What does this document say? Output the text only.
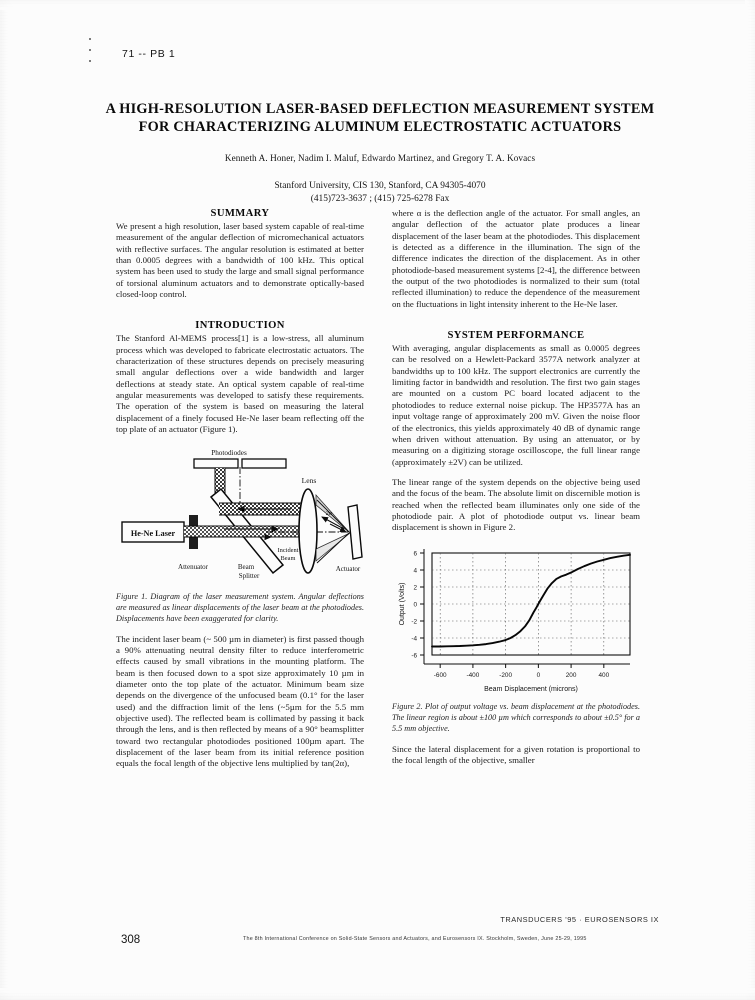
71 -- PB 1
A HIGH-RESOLUTION LASER-BASED DEFLECTION MEASUREMENT SYSTEM
FOR CHARACTERIZING ALUMINUM ELECTROSTATIC ACTUATORS
Kenneth A. Honer, Nadim I. Maluf, Edwardo Martinez, and Gregory T. A. Kovacs
Stanford University, CIS 130, Stanford, CA 94305-4070
(415)723-3637 ; (415) 725-6278 Fax
SUMMARY

We present a high resolution, laser based system capable of real-time measurement of the angular deflection of micromechanical actuators with reflective surfaces. The angular resolution is estimated at better than 0.0005 degrees with a bandwidth of 100 kHz. This optical system has been used to study the large and small signal performance of torsional aluminum actuators and to demonstrate optically-based closed-loop control.

INTRODUCTION

The Stanford Al-MEMS process[1] is a low-stress, all aluminum process which was developed to fabricate electrostatic actuators. The characterization of these structures depends on precisely measuring small angular deflections over a wide bandwidth and larger deflections at steady state. An optical system capable of real-time angular measurements was developed to satisfy these requirements. The operation of the system is based on measuring the lateral displacement of a finely focused He-Ne laser beam reflecting off the top plate of an actuator (Figure 1).

Photodiodes
He-Ne Laser
Attenuator
Lens
2α
Actuator
Beam
Splitter
Incident
Beam

Figure 1. Diagram of the laser measurement system. Angular deflections are measured as linear displacements of the laser beam at the photodiodes. Displacements have been exaggerated for clarity.

The incident laser beam (~ 500 µm in diameter) is first passed though a 90% attenuating neutral density filter to reduce interferometric effects caused by small vibrations in the mounting platform. The beam is then focused down to a spot size approximately 10 µm in diameter onto the top plate of the actuator. Minimum beam size depends on the divergence of the unfocused beam (0.1° for the laser used) and the diffraction limit of the lens (~5µm for the 5.5 mm objective used). The reflected beam is collimated by passing it back through the lens, and is then reflected by means of a 90° beamsplitter toward two rectangular photodiodes positioned 100µm apart. The displacement of the laser beam from its initial reference position equals the focal length of the objective lens multiplied by tan(2α),

where α is the deflection angle of the actuator. For small angles, an angular deflection of the actuator plate produces a linear displacement of the laser beam at the photodiodes. This displacement is detected as a difference in the illumination. The sign of the difference indicates the direction of the displacement. As in other photodiode-based measurement systems [2-4], the difference between the output of the two photodiodes is normalized to their sum (total reflected illumination) to reduce the dependence of the measurement on the fluctuations in light intensity inherent to the He-Ne laser.

SYSTEM PERFORMANCE

With averaging, angular displacements as small as 0.0005 degrees can be resolved on a Hewlett-Packard 3577A network analyzer at bandwidths up to 100 kHz. The support electronics are currently the limiting factor in bandwidth and resolution. The first two gain stages are mounted on a custom PC board located adjacent to the photodiodes to reduce external noise pickup. The HP3577A has an input voltage range of approximately 200 mV. Given the noise floor of the electronics, this yields approximately 40 dB of dynamic range when driven without attenuation. By using an attenuator, or by measuring on a digitizing storage oscilloscope, the full linear range (approximately ±2V) can be utilized.

The linear range of the system depends on the objective being used and the focus of the beam. The absolute limit on discernible motion is reached when the reflected beam illuminates only one side of the photodiode pair. A plot of photodiode output vs. linear beam displacement is shown in Figure 2.

-600	-400	-200	0	200	400
6
4
2
0
-2
-4
-6
Beam Displacement (microns)
Output (Volts)

Figure 2. Plot of output voltage vs. beam displacement at the photodiodes. The linear region is about ±100 µm which corresponds to about ±0.5° for a 5.5 mm objective.

Since the lateral displacement for a given rotation is proportional to the focal length of the objective, smaller

308
TRANSDUCERS '95 · EUROSENSORS IX
The 8th International Conference on Solid-State Sensors and Actuators, and Eurosensors IX. Stockholm, Sweden, June 25-29, 1995
